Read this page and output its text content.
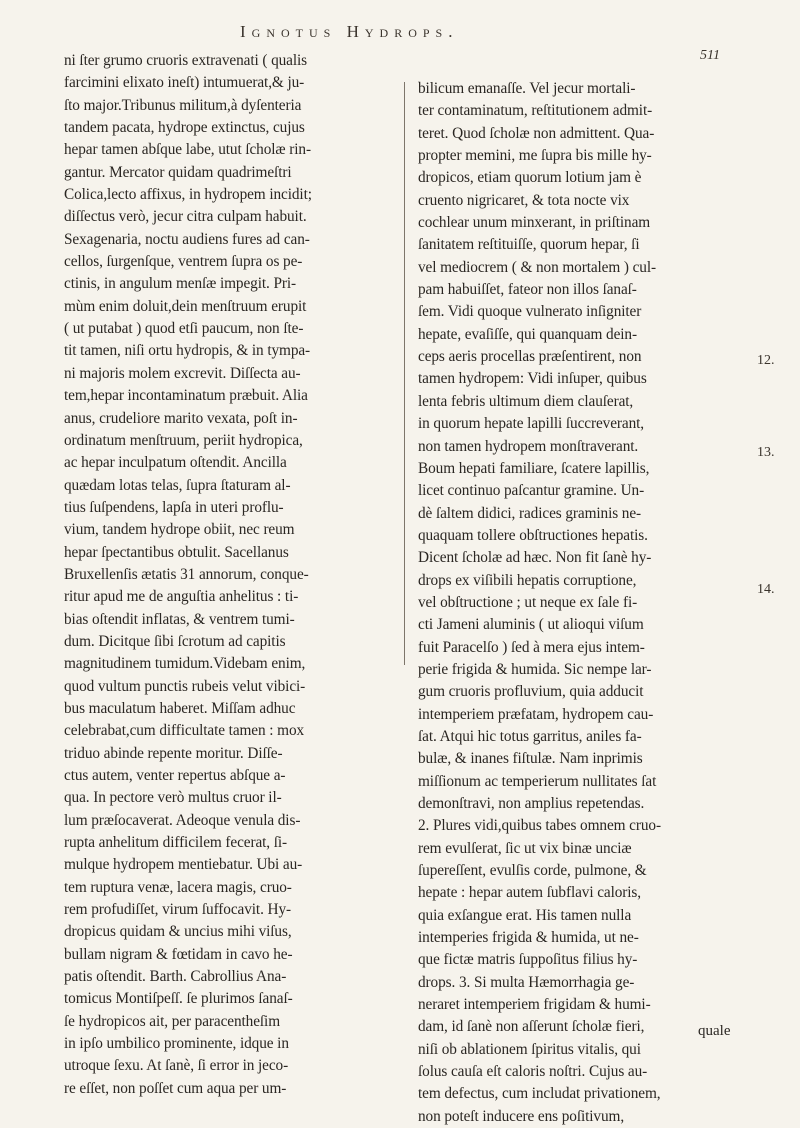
Ignotus Hydrops.
511
ni ſter grumo cruoris extravenati ( qualis
farcimini elixato ineſt) intumuerat,& ju-
ſto major.Tribunus militum,à dyſenteria
tandem pacata, hydrope extinctus, cujus
hepar tamen abſque labe, utut ſcholæ rin-
gantur. Mercator quidam quadrimeſtri
Colica,lecto affixus, in hydropem incidit;
diſſectus verò, jecur citra culpam habuit.
Sexagenaria, noctu audiens fures ad can-
cellos, ſurgenſque, ventrem ſupra os pe-
ctinis, in angulum menſæ impegit. Pri-
mùm enim doluit,dein menſtruum erupit
( ut putabat ) quod etſi paucum, non ſte-
tit tamen, niſi ortu hydropis, & in tympa-
ni majoris molem excrevit. Diſſecta au-
tem,hepar incontaminatum præbuit. Alia
anus, crudeliore marito vexata, poſt in-
ordinatum menſtruum, periit hydropica,
ac hepar inculpatum oſtendit. Ancilla
quædam lotas telas, ſupra ſtaturam al-
tius ſuſpendens, lapſa in uteri proflu-
vium, tandem hydrope obiit, nec reum
hepar ſpectantibus obtulit. Sacellanus
Bruxellenſis ætatis 31 annorum, conque-
ritur apud me de anguſtia anhelitus : ti-
bias oſtendit inflatas, & ventrem tumi-
dum. Dicitque ſibi ſcrotum ad capitis
magnitudinem tumidum.Videbam enim,
quod vultum punctis rubeis velut vibici-
bus maculatum haberet. Miſſam adhuc
celebrabat,cum difficultate tamen : mox
triduo abinde repente moritur. Diſſe-
ctus autem, venter repertus abſque a-
qua. In pectore verò multus cruor il-
lum præſocaverat. Adeoque venula dis-
rupta anhelitum difficilem fecerat, ſi-
mulque hydropem mentiebatur. Ubi au-
tem ruptura venæ, lacera magis, cruo-
rem profudiſſet, virum ſuffocavit. Hy-
dropicus quidam & uncius mihi viſus,
bullam nigram & fœtidam in cavo he-
patis oſtendit. Barth. Cabrollius Ana-
tomicus Montiſpeſſ. ſe plurimos ſanaſ-
ſe hydropicos ait, per paracentheſim
in ipſo umbilico prominente, idque in
utroque ſexu. At ſanè, ſi error in jeco-
re eſſet, non poſſet cum aqua per um-
bilicum emanaſſe. Vel jecur mortali-
ter contaminatum, reſtitutionem admit-
teret. Quod ſcholæ non admittent. Qua-
propter memini, me ſupra bis mille hy-
dropicos, etiam quorum lotium jam è
cruento nigricaret, & tota nocte vix
cochlear unum minxerant, in priſtinam
ſanitatem reſtituiſſe, quorum hepar, ſi
vel mediocrem ( & non mortalem ) cul-
pam habuiſſet, fateor non illos ſanaſ-
ſem. Vidi quoque vulnerato inſigniter
hepate, evaſiſſe, qui quanquam dein-
ceps aeris procellas præſentirent, non
tamen hydropem: Vidi inſuper, quibus
lenta febris ultimum diem clauſerat,
in quorum hepate lapilli ſuccreverant,
non tamen hydropem monſtraverant.
Boum hepati familiare, ſcatere lapillis,
licet continuo paſcantur gramine. Un-
dè ſaltem didici, radices graminis ne-
quaquam tollere obſtructiones hepatis.
Dicent ſcholæ ad hæc. Non fit ſanè hy-
drops ex viſibili hepatis corruptione,
vel obſtructione ; ut neque ex ſale fi-
cti Jameni aluminis ( ut alioqui viſum
fuit Paracelſo ) ſed à mera ejus intem-
perie frigida & humida. Sic nempe lar-
gum cruoris profluvium, quia adducit
intemperiem præfatam, hydropem cau-
ſat. Atqui hic totus garritus, aniles fa-
bulæ, & inanes fiſtulæ. Nam inprimis
miſſionum ac temperierum nullitates ſat
demonſtravi, non amplius repetendas.
2. Plures vidi,quibus tabes omnem cruo-
rem evulſerat, ſic ut vix binæ unciæ
ſupereſſent, evulſis corde, pulmone, &
hepate : hepar autem ſubflavi caloris,
quia exſangue erat. His tamen nulla
intemperies frigida & humida, ut ne-
que fictæ matris ſuppoſitus filius hy-
drops. 3. Si multa Hæmorrhagia ge-
neraret intemperiem frigidam & humi-
dam, id ſanè non aſſerunt ſcholæ fieri,
niſi ob ablationem ſpiritus vitalis, qui
ſolus cauſa eſt caloris noſtri. Cujus au-
tem defectus, cum includat privationem,
non poteſt inducere ens poſitivum,
12.
13.
14.
quale
